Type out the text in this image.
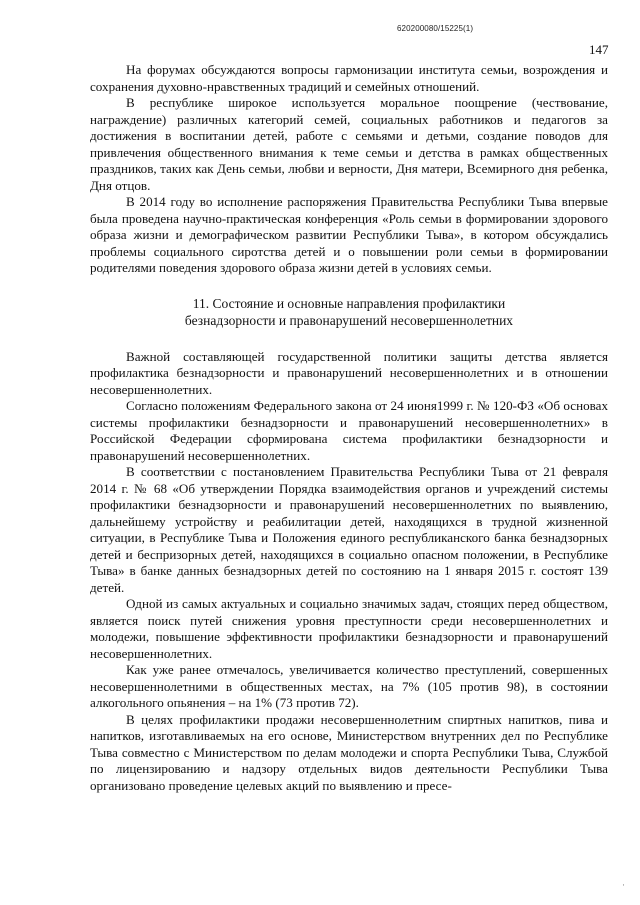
620200080/15225(1)
147

На форумах обсуждаются вопросы гармонизации института семьи, возрождения и сохранения духовно-нравственных традиций и семейных отношений.

В республике широкое используется моральное поощрение (чествование, награждение) различных категорий семей, социальных работников и педагогов за достижения в воспитании детей, работе с семьями и детьми, создание поводов для привлечения общественного внимания к теме семьи и детства в рамках общественных праздников, таких как День семьи, любви и верности, Дня матери, Всемирного дня ребенка, Дня отцов.

В 2014 году во исполнение распоряжения Правительства Республики Тыва впервые была проведена научно-практическая конференция «Роль семьи в формировании здорового образа жизни и демографическом развитии Республики Тыва», в котором обсуждались проблемы социального сиротства детей и о повышении роли семьи в формировании родителями поведения здорового образа жизни детей в условиях семьи.

11. Состояние и основные направления профилактики
безнадзорности и правонарушений несовершеннолетних

Важной составляющей государственной политики защиты детства является профилактика безнадзорности и правонарушений несовершеннолетних и в отношении несовершеннолетних.

Согласно положениям Федерального закона от 24 июня1999 г. № 120-ФЗ «Об основах системы профилактики безнадзорности и правонарушений несовершеннолетних» в Российской Федерации сформирована система профилактики безнадзорности и правонарушений несовершеннолетних.

В соответствии с постановлением Правительства Республики Тыва от 21 февраля 2014 г. № 68 «Об утверждении Порядка взаимодействия органов и учреждений системы профилактики безнадзорности и правонарушений несовершеннолетних по выявлению, дальнейшему устройству и реабилитации детей, находящихся в трудной жизненной ситуации, в Республике Тыва и Положения единого республиканского банка безнадзорных детей и беспризорных детей, находящихся в социально опасном положении, в Республике Тыва» в банке данных безнадзорных детей по состоянию на 1 января 2015 г. состоят 139 детей.

Одной из самых актуальных и социально значимых задач, стоящих перед обществом, является поиск путей снижения уровня преступности среди несовершеннолетних и молодежи, повышение эффективности профилактики безнадзорности и правонарушений несовершеннолетних.

Как уже ранее отмечалось, увеличивается количество преступлений, совершенных несовершеннолетними в общественных местах, на 7% (105 против 98), в состоянии алкогольного опьянения – на 1% (73 против 72).

В целях профилактики продажи несовершеннолетним спиртных напитков, пива и напитков, изготавливаемых на его основе, Министерством внутренних дел по Республике Тыва совместно с Министерством по делам молодежи и спорта Республики Тыва, Службой по лицензированию и надзору отдельных видов деятельности Республики Тыва организовано проведение целевых акций по выявлению и пресе-

·
